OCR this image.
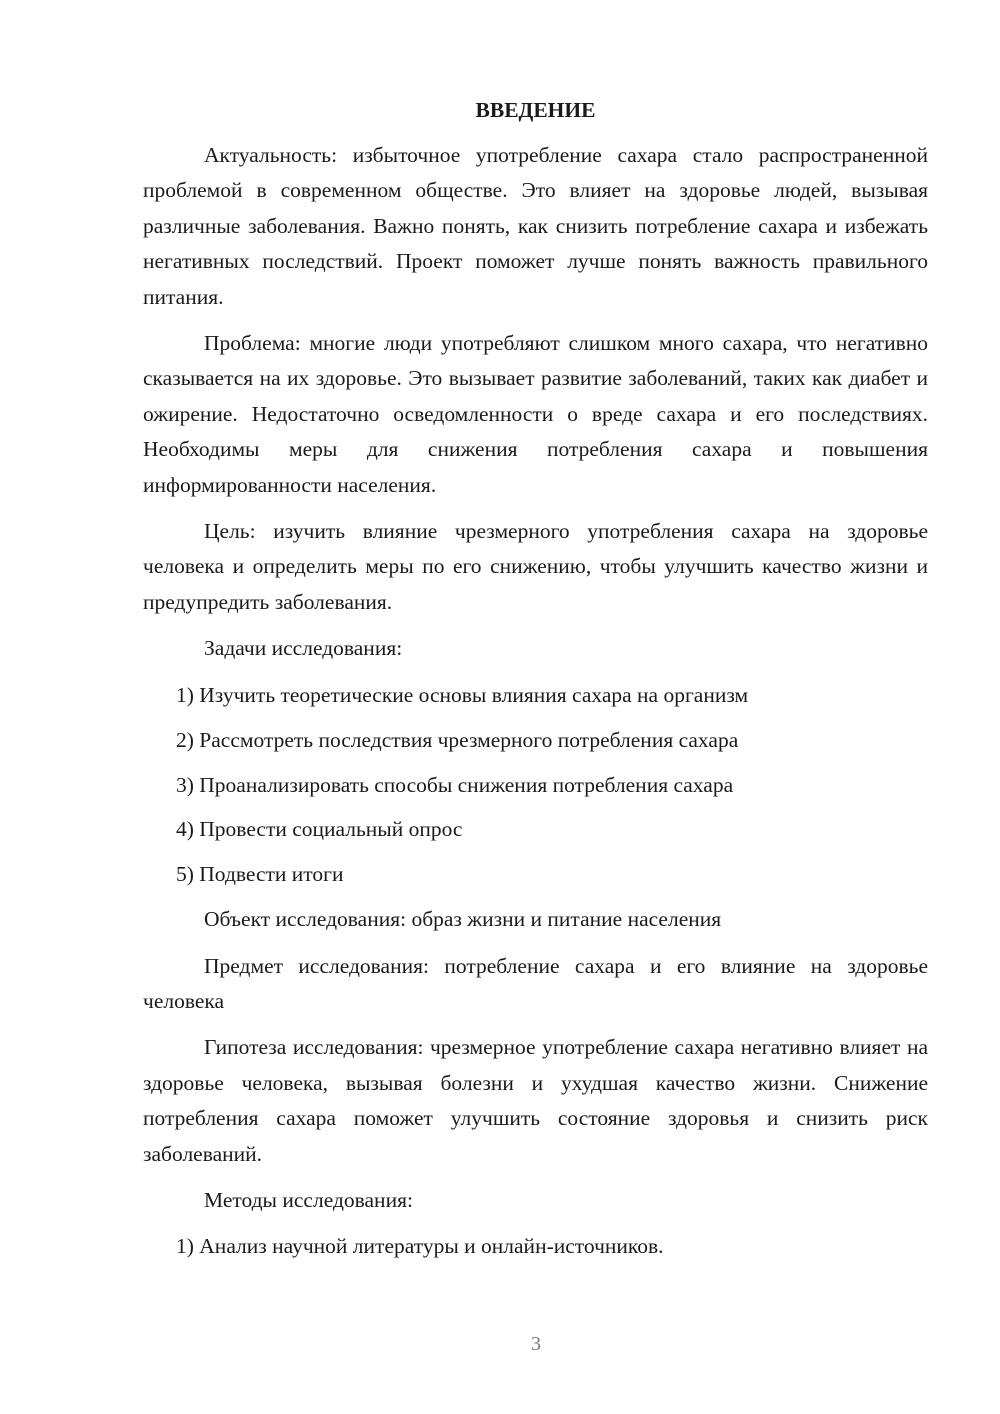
ВВЕДЕНИЕ

Актуальность: избыточное употребление сахара стало распространенной проблемой в современном обществе. Это влияет на здоровье людей, вызывая различные заболевания. Важно понять, как снизить потребление сахара и избежать негативных последствий. Проект поможет лучше понять важность правильного питания.

Проблема: многие люди употребляют слишком много сахара, что негативно сказывается на их здоровье. Это вызывает развитие заболеваний, таких как диабет и ожирение. Недостаточно осведомленности о вреде сахара и его последствиях. Необходимы меры для снижения потребления сахара и повышения информированности населения.

Цель: изучить влияние чрезмерного употребления сахара на здоровье человека и определить меры по его снижению, чтобы улучшить качество жизни и предупредить заболевания.

Задачи исследования:

1) Изучить теоретические основы влияния сахара на организм
2) Рассмотреть последствия чрезмерного потребления сахара
3) Проанализировать способы снижения потребления сахара
4) Провести социальный опрос
5) Подвести итоги

Объект исследования: образ жизни и питание населения

Предмет исследования: потребление сахара и его влияние на здоровье человека

Гипотеза исследования: чрезмерное употребление сахара негативно влияет на здоровье человека, вызывая болезни и ухудшая качество жизни. Снижение потребления сахара поможет улучшить состояние здоровья и снизить риск заболеваний.

Методы исследования:

1) Анализ научной литературы и онлайн-источников.
3
